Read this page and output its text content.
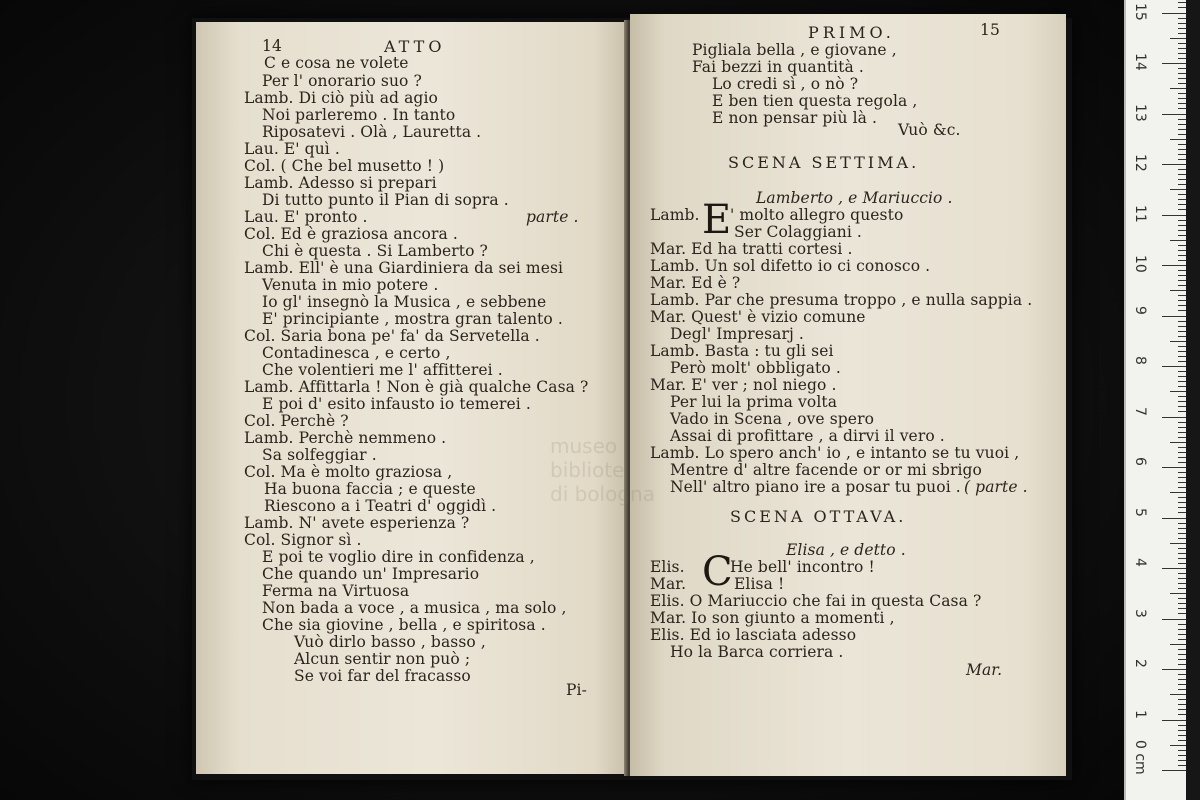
14	ATTO
C e cosa ne volete
Per l' onorario suo ?
Lamb. Di ciò più ad agio
Noi parleremo . In tanto
Riposatevi . Olà , Lauretta .
Lau. E' quì .
Col. ( Che bel musetto ! )
Lamb. Adesso si prepari
Di tutto punto il Pian di sopra .
Lau. E' pronto .	parte .
Col. Ed è graziosa ancora .
Chi è questa . Si Lamberto ?
Lamb. Ell' è una Giardiniera da sei mesi
Venuta in mio potere .
Io gl' insegnò la Musica , e sebbene
E' principiante , mostra gran talento .
Col. Saria bona pe' fa' da Servetella .
Contadinesca , e certo ,
Che volentieri me l' affitterei .
Lamb. Affittarla ! Non è già qualche Casa ?
E poi d' esito infausto io temerei .
Col. Perchè ?
Lamb. Perchè nemmeno .
Sa solfeggiar .
Col. Ma è molto graziosa ,
Ha buona faccia ; e queste
Riescono a i Teatri d' oggidì .
Lamb. N' avete esperienza ?
Col. Signor sì .
E poi te voglio dire in confidenza ,
Che quando un' Impresario
Ferma na Virtuosa
Non bada a voce , a musica , ma solo ,
Che sia giovine , bella , e spiritosa .
Vuò dirlo basso , basso ,
Alcun sentir non può ;
Se voi far del fracasso
Pi-
museo
bibliote
di bologna
PRIMO.	15
Pigliala bella , e giovane ,
Fai bezzi in quantità .
Lo credi sì , o nò ?
E ben tien questa regola ,
E non pensar più là .
Vuò &c.
SCENA SETTIMA.
Lamberto , e Mariuccio .
Lamb. E
' molto allegro questo
Ser Colaggiani .
Mar. Ed ha tratti cortesi .
Lamb. Un sol difetto io ci conosco .
Mar. Ed è ?
Lamb. Par che presuma troppo , e nulla sappia .
Mar. Quest' è vizio comune
Degl' Impresarj .
Lamb. Basta : tu gli sei
Però molt' obbligato .
Mar. E' ver ; nol niego .
Per lui la prima volta
Vado in Scena , ove spero
Assai di profittare , a dirvi il vero .
Lamb. Lo spero anch' io , e intanto se tu vuoi ,
Mentre d' altre facende or or mi sbrigo
Nell' altro piano ire a posar tu puoi . ( parte .
SCENA OTTAVA.
Elisa , e detto .
Elis. C
He bell' incontro !
Mar.	Elisa !
Elis. O Mariuccio che fai in questa Casa ?
Mar. Io son giunto a momenti ,
Elis. Ed io lasciata adesso
Ho la Barca corriera .
Mar.
0 cm
1
2
3
4
5
6
7
8
9
10
11
12
13
14
15
